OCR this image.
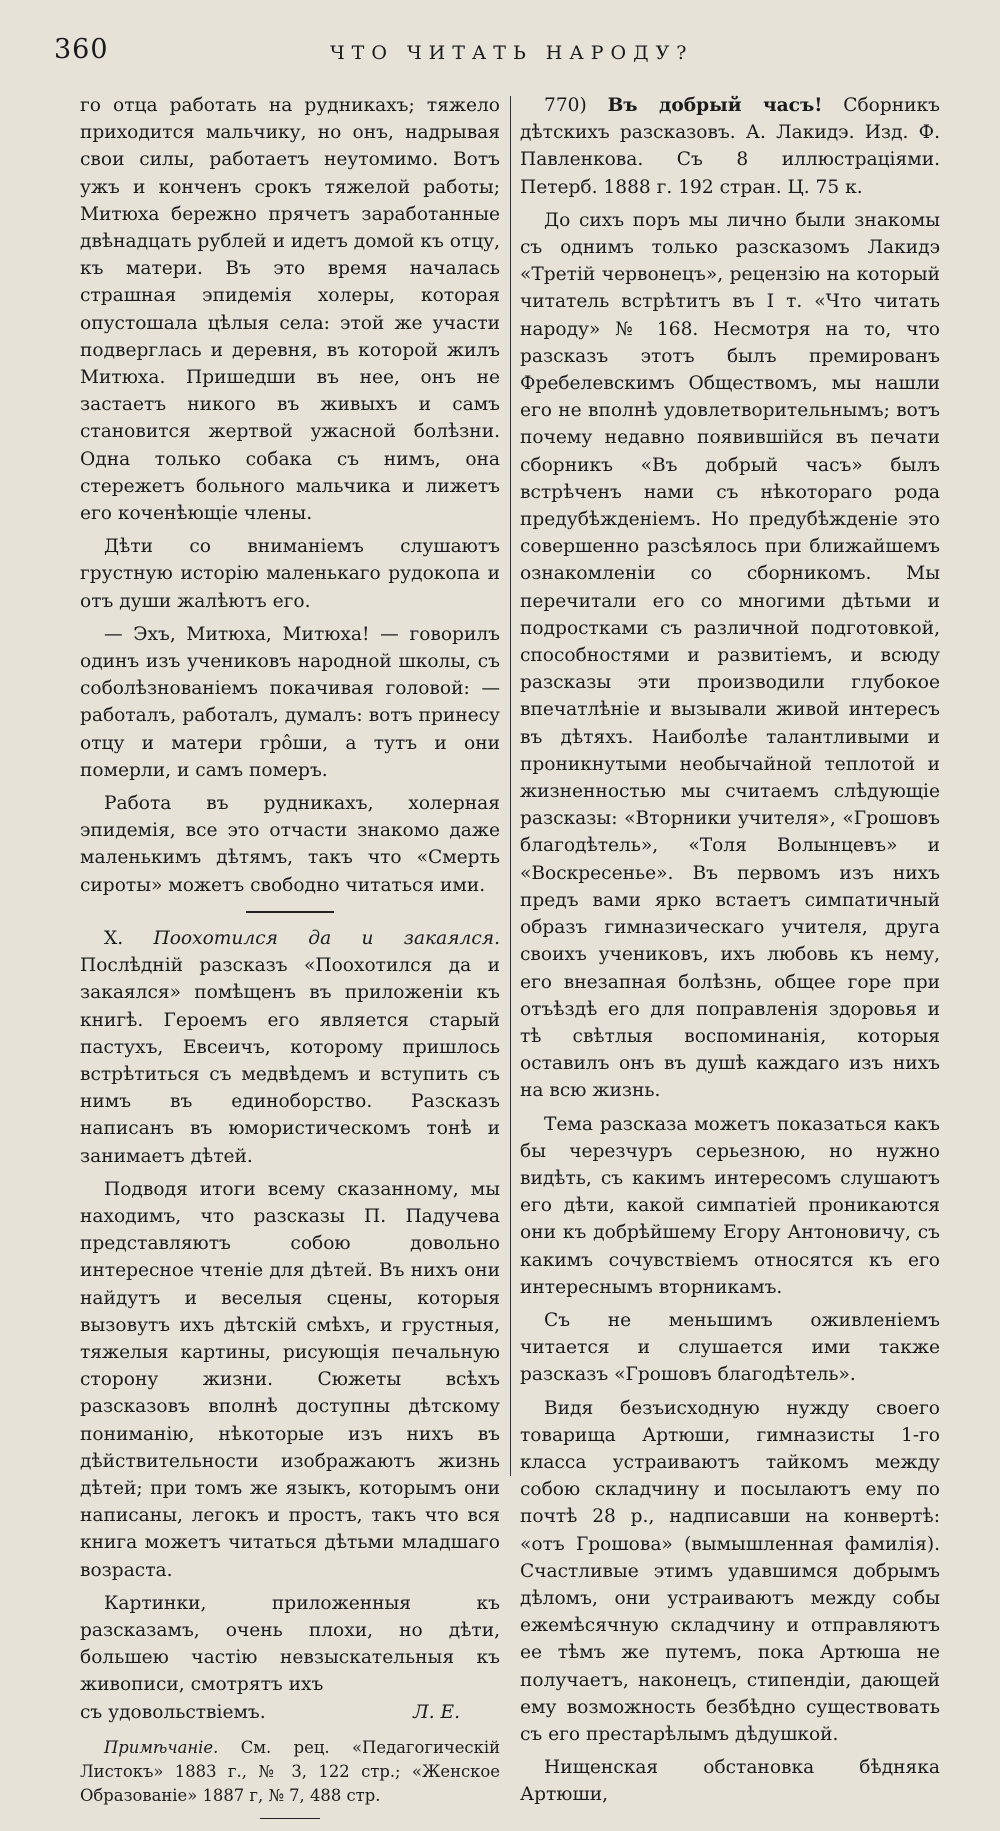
360	ЧТО ЧИТАТЬ НАРОДУ?

го отца работать на рудникахъ; тяжело приходится мальчику, но онъ, надрывая свои силы, работаетъ неутомимо. Вотъ ужъ и конченъ срокъ тяжелой работы; Митюха бережно прячетъ заработанные двѣнадцать рублей и идетъ домой къ отцу, къ матери. Въ это время началась страшная эпидемія холеры, которая опустошала цѣлыя села: этой же участи подверглась и деревня, въ которой жилъ Митюха. Пришедши въ нее, онъ не застаетъ никого въ живыхъ и самъ становится жертвой ужасной болѣзни. Одна только собака съ нимъ, она стережетъ больного мальчика и лижетъ его коченѣющіе члены.

Дѣти со вниманіемъ слушаютъ грустную исторію маленькаго рудокопа и отъ души жалѣютъ его.

— Эхъ, Митюха, Митюха! — говорилъ одинъ изъ учениковъ народной школы, съ соболѣзнованіемъ покачивая головой: — работалъ, работалъ, думалъ: вотъ принесу отцу и матери грôши, а тутъ и они померли, и самъ померъ.

Работа въ рудникахъ, холерная эпидемія, все это отчасти знакомо даже маленькимъ дѣтямъ, такъ что «Смерть сироты» можетъ свободно читаться ими.

X. Поохотился да и закаялся. Послѣдній разсказъ «Поохотился да и закаялся» помѣщенъ въ приложеніи къ книгѣ. Героемъ его является старый пастухъ, Евсеичъ, которому пришлось встрѣтиться съ медвѣдемъ и вступить съ нимъ въ единоборство. Разсказъ написанъ въ юмористическомъ тонѣ и занимаетъ дѣтей.

Подводя итоги всему сказанному, мы находимъ, что разсказы П. Падучева представляютъ собою довольно интересное чтеніе для дѣтей. Въ нихъ они найдутъ и веселыя сцены, которыя вызовутъ ихъ дѣтскій смѣхъ, и грустныя, тяжелыя картины, рисующія печальную сторону жизни. Сюжеты всѣхъ разсказовъ вполнѣ доступны дѣтскому пониманію, нѣкоторые изъ нихъ въ дѣйствительности изображаютъ жизнь дѣтей; при томъ же языкъ, которымъ они написаны, легокъ и простъ, такъ что вся книга можетъ читаться дѣтьми младшаго возраста.

Картинки, приложенныя къ разсказамъ, очень плохи, но дѣти, большею частію невзыскательныя къ живописи, смотрятъ ихъ

съ удовольствіемъ.	Л. Е.

Примѣчаніе. См. рец. «Педагогическій Листокъ» 1883 г., № 3, 122 стр.; «Женское Образованіе» 1887 г, № 7, 488 стр.

770) Въ добрый часъ! Сборникъ дѣтскихъ разсказовъ. А. Лакидэ. Изд. Ф. Павленкова. Съ 8 иллюстраціями. Петерб. 1888 г. 192 стран. Ц. 75 к.

До сихъ поръ мы лично были знакомы съ однимъ только разсказомъ Лакидэ «Третій червонецъ», рецензію на который читатель встрѣтитъ въ I т. «Что читать народу» № 168. Несмотря на то, что разсказъ этотъ былъ премированъ Фребелевскимъ Обществомъ, мы нашли его не вполнѣ удовлетворительнымъ; вотъ почему недавно появившійся въ печати сборникъ «Въ добрый часъ» былъ встрѣченъ нами съ нѣкотораго рода предубѣжденіемъ. Но предубѣжденіе это совершенно разсѣялось при ближайшемъ ознакомленіи со сборникомъ. Мы перечитали его со многими дѣтьми и подростками съ различной подготовкой, способностями и развитіемъ, и всюду разсказы эти производили глубокое впечатлѣніе и вызывали живой интересъ въ дѣтяхъ. Наиболѣе талантливыми и проникнутыми необычайной теплотой и жизненностью мы считаемъ слѣдующіе разсказы: «Вторники учителя», «Грошовъ благодѣтель», «Толя Волынцевъ» и «Воскресенье». Въ первомъ изъ нихъ предъ вами ярко встаетъ симпатичный образъ гимназическаго учителя, друга своихъ учениковъ, ихъ любовь къ нему, его внезапная болѣзнь, общее горе при отъѣздѣ его для поправленія здоровья и тѣ свѣтлыя воспоминанія, которыя оставилъ онъ въ душѣ каждаго изъ нихъ на всю жизнь.

Тема разсказа можетъ показаться какъ бы черезчуръ серьезною, но нужно видѣть, съ какимъ интересомъ слушаютъ его дѣти, какой симпатіей проникаются они къ добрѣйшему Егору Антоновичу, съ какимъ сочувствіемъ относятся къ его интереснымъ вторникамъ.

Съ не меньшимъ оживленіемъ читается и слушается ими также разсказъ «Грошовъ благодѣтель».

Видя безъисходную нужду своего товарища Артюши, гимназисты 1-го класса устраиваютъ тайкомъ между собою складчину и посылаютъ ему по почтѣ 28 р., надписавши на конвертѣ: «отъ Грошова» (вымышленная фамилія). Счастливые этимъ удавшимся добрымъ дѣломъ, они устраиваютъ между собы ежемѣсячную складчину и отправляютъ ее тѣмъ же путемъ, пока Артюша не получаетъ, наконецъ, стипендіи, дающей ему возможность безбѣдно существовать съ его престарѣлымъ дѣдушкой.

Нищенская обстановка бѣдняка Артюши,
